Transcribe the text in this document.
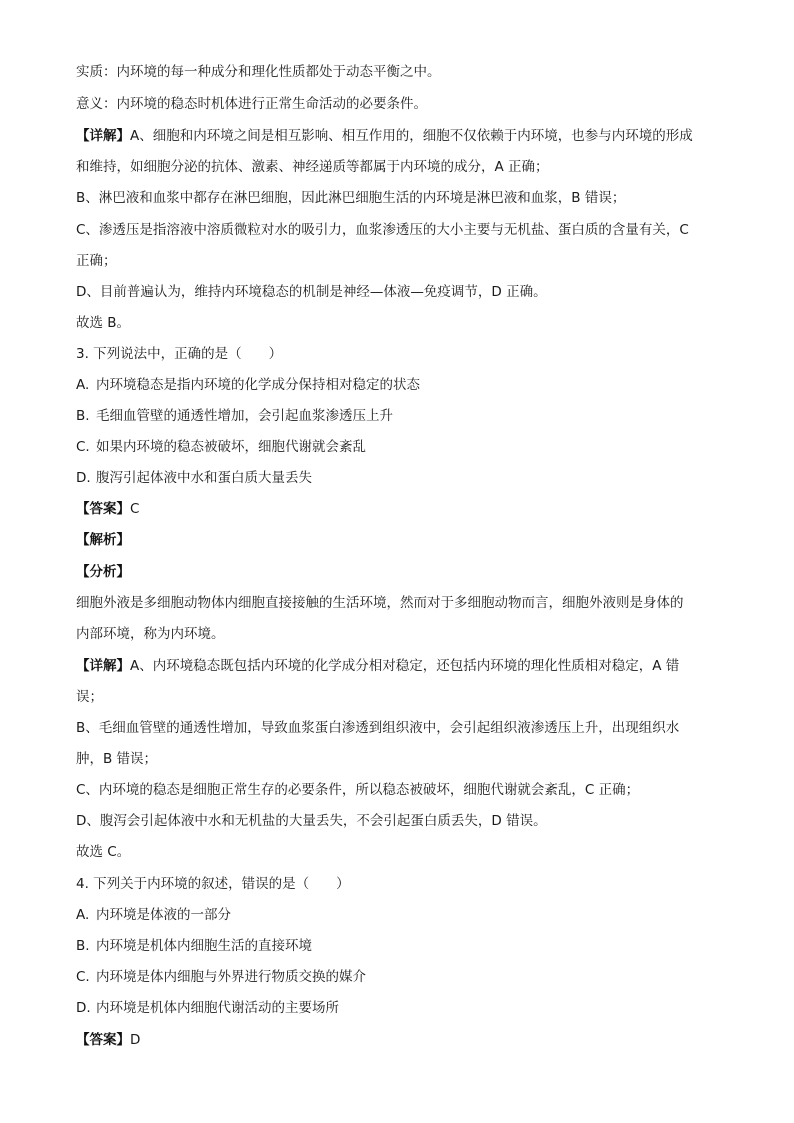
实质：内环境的每一种成分和理化性质都处于动态平衡之中。
意义：内环境的稳态时机体进行正常生命活动的必要条件。
【详解】A、细胞和内环境之间是相互影响、相互作用的，细胞不仅依赖于内环境，也参与内环境的形成
和维持，如细胞分泌的抗体、激素、神经递质等都属于内环境的成分，A 正确；
B、淋巴液和血浆中都存在淋巴细胞，因此淋巴细胞生活的内环境是淋巴液和血浆，B 错误；
C、渗透压是指溶液中溶质微粒对水的吸引力，血浆渗透压的大小主要与无机盐、蛋白质的含量有关，C
正确；
D、目前普遍认为，维持内环境稳态的机制是神经—体液—免疫调节，D 正确。
故选 B。
3. 下列说法中，正确的是（　　）
A. 内环境稳态是指内环境的化学成分保持相对稳定的状态
B. 毛细血管壁的通透性增加，会引起血浆渗透压上升
C. 如果内环境的稳态被破坏，细胞代谢就会紊乱
D. 腹泻引起体液中水和蛋白质大量丢失
【答案】C
【解析】
【分析】
细胞外液是多细胞动物体内细胞直接接触的生活环境，然而对于多细胞动物而言，细胞外液则是身体的
内部环境，称为内环境。
【详解】A、内环境稳态既包括内环境的化学成分相对稳定，还包括内环境的理化性质相对稳定，A 错
误；
B、毛细血管壁的通透性增加，导致血浆蛋白渗透到组织液中，会引起组织液渗透压上升，出现组织水
肿，B 错误；
C、内环境的稳态是细胞正常生存的必要条件，所以稳态被破坏，细胞代谢就会紊乱，C 正确；
D、腹泻会引起体液中水和无机盐的大量丢失，不会引起蛋白质丢失，D 错误。
故选 C。
4. 下列关于内环境的叙述，错误的是（　　）
A. 内环境是体液的一部分
B. 内环境是机体内细胞生活的直接环境
C. 内环境是体内细胞与外界进行物质交换的媒介
D. 内环境是机体内细胞代谢活动的主要场所
【答案】D
